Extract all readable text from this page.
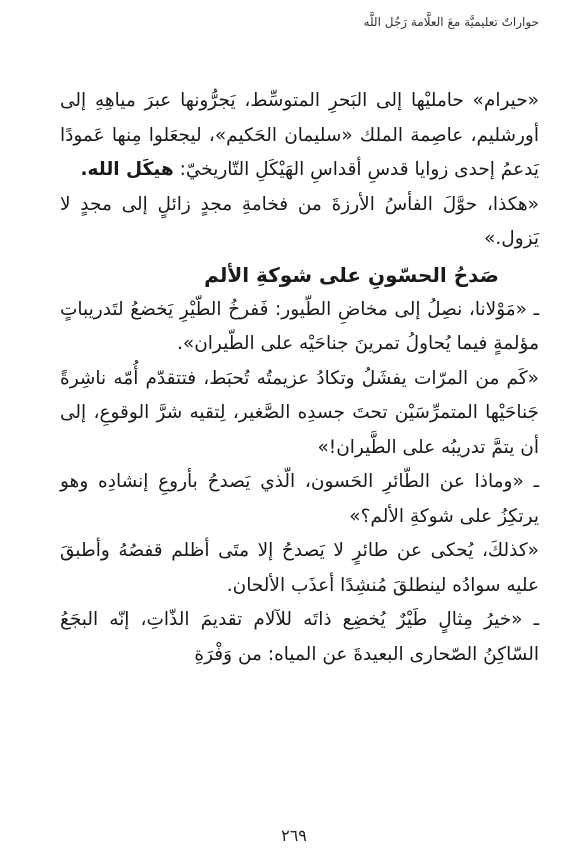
حواراتٌ تعليميَّة معَ العلَّامة رَجُل اللَّه

«حيرام» حامليْها إلى البَحرِ المتوسِّط، يَجرُّونها عبرَ مياهِهِ إلى أورشليم، عاصِمة الملك «سليمان الحَكيم»، ليجعَلوا مِنها عَمودًا يَدعمُ إحدى زوايا قدسِ أقداسِ الهَيْكَلِ التّاريخيّ: هيكَل الله.

«هكذا، حوَّلَ الفأسُ الأرزةَ من فخامةِ مجدٍ زائلٍ إلى مجدٍ لا يَزول.»

صَدحُ الحسّونِ على شوكةِ الألم

ـ «مَوْلانا، نصِلُ إلى مخاضِ الطّيور: فَفرخُ الطّيْرِ يَخضعُ لتَدريباتٍ مؤلمةٍ فيما يُحاولُ تمرينَ جناحَيْه على الطّيران».

«كَم من المرّات يفشَلُ وتكادُ عزيمتُه تُحبَط، فتتقدّم أُمّه ناشِرةً جَناحَيْها المتمرِّسَيْن تحتَ جسدِه الصَّغير، لِتقيه شرَّ الوقوعِ، إلى أن يتمَّ تدريبُه على الطَّيران!»

ـ «وماذا عن الطّائرِ الحَسون، الّذي يَصدحُ بأروعِ إنشادِه وهو يرتكِزُ على شوكةِ الألم؟»

«كذلكَ، يُحكى عن طائرٍ لا يَصدحُ إلا متَى أظلم قفصُهُ وأطبقَ عليه سوادُه لينطلقَ مُنشِدًا أعذَب الألحان.

ـ «خيرُ مِثالٍ طَيْرٌ يُخضِع ذاتَه للآلام تقديمَ الذّاتِ، إنّه البجَعُ السّاكِنُ الصّحارى البعيدةَ عن المياه: من وَفْرَةِ

٢٦٩
